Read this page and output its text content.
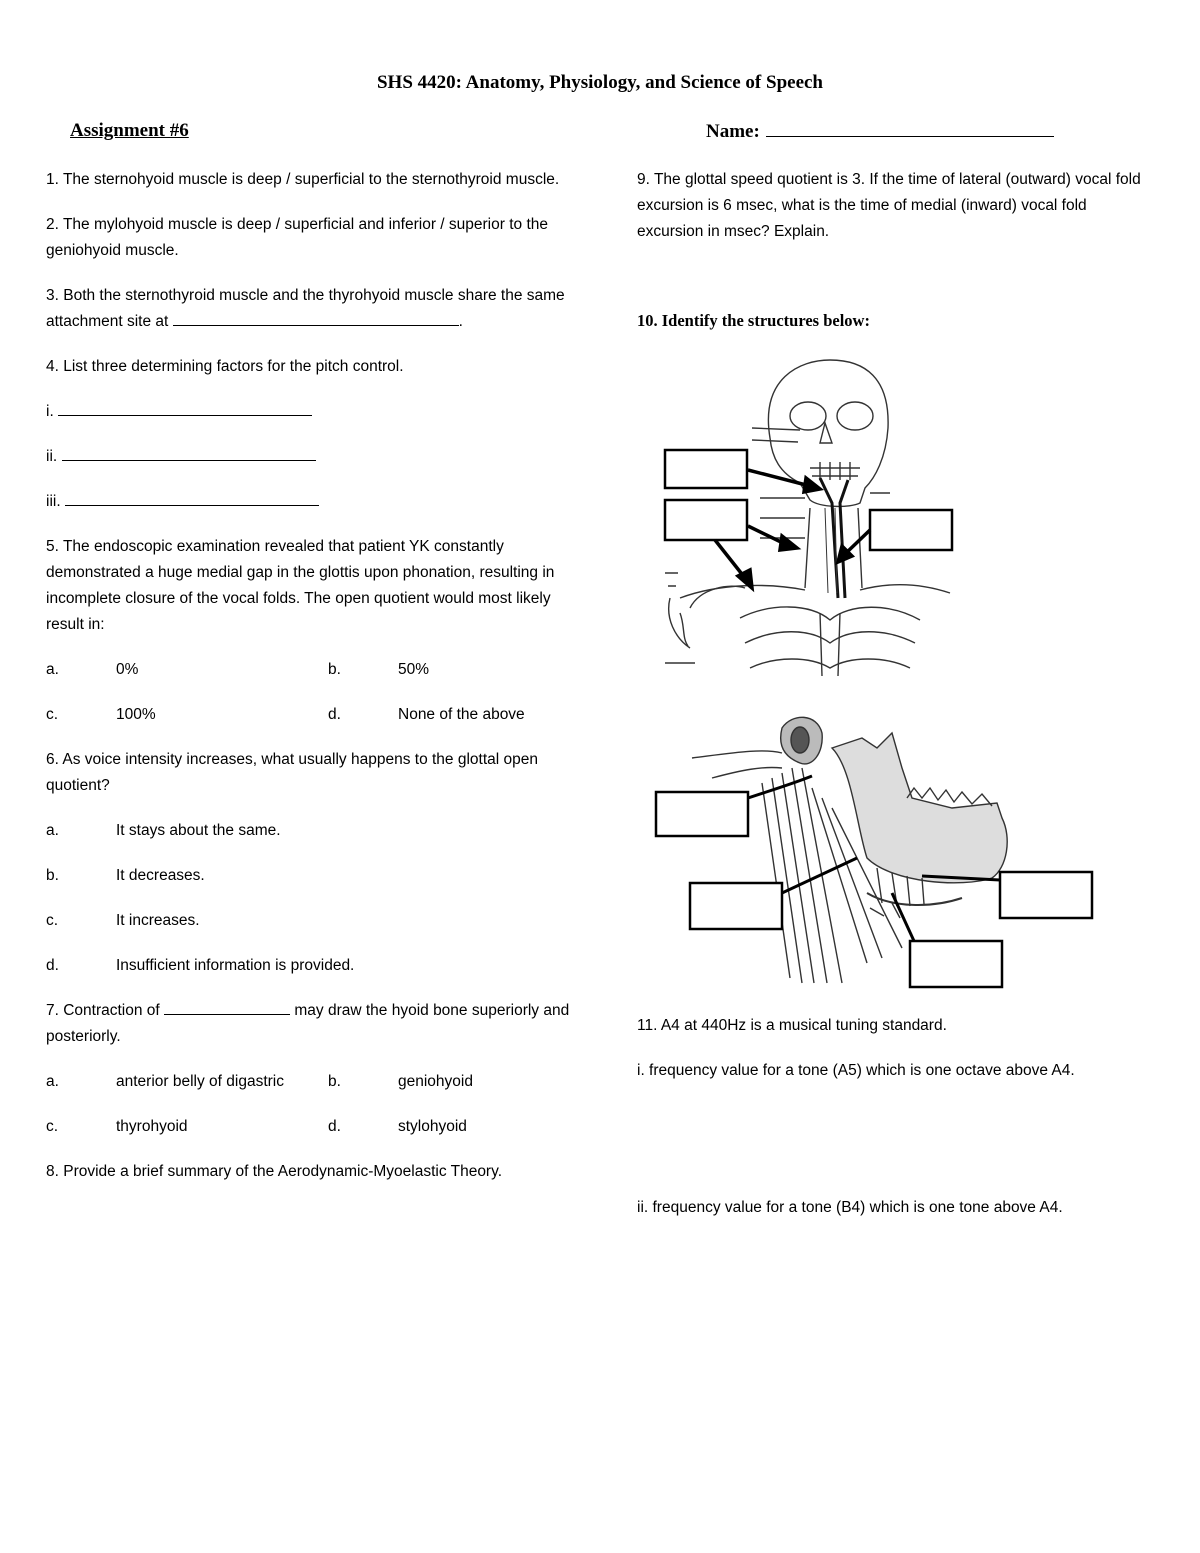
SHS 4420: Anatomy, Physiology, and Science of Speech
Assignment #6	Name:
1. The sternohyoid muscle is deep / superficial to the sternothyroid muscle.
2. The mylohyoid muscle is deep / superficial and inferior / superior to the geniohyoid muscle.
3. Both the sternothyroid muscle and the thyrohyoid muscle share the same attachment site at	.
4. List three determining factors for the pitch control.
i.
ii.
iii.
5. The endoscopic examination revealed that patient YK constantly demonstrated a huge medial gap in the glottis upon phonation, resulting in incomplete closure of the vocal folds. The open quotient would most likely result in:
a.	0%	b.	50%
c.	100%	d.	None of the above
6. As voice intensity increases, what usually happens to the glottal open quotient?
a.	It stays about the same.
b.	It decreases.
c.	It increases.
d.	Insufficient information is provided.
7. Contraction of	may draw the hyoid bone superiorly and posteriorly.
a.	anterior belly of digastric	b.	geniohyoid
c.	thyrohyoid	d.	stylohyoid
8. Provide a brief summary of the Aerodynamic-Myoelastic Theory.
9. The glottal speed quotient is 3. If the time of lateral (outward) vocal fold excursion is 6 msec, what is the time of medial (inward) vocal fold excursion in msec? Explain.
10. Identify the structures below:
11. A4 at 440Hz is a musical tuning standard.
i. frequency value for a tone (A5) which is one octave above A4.
ii. frequency value for a tone (B4) which is one tone above A4.
